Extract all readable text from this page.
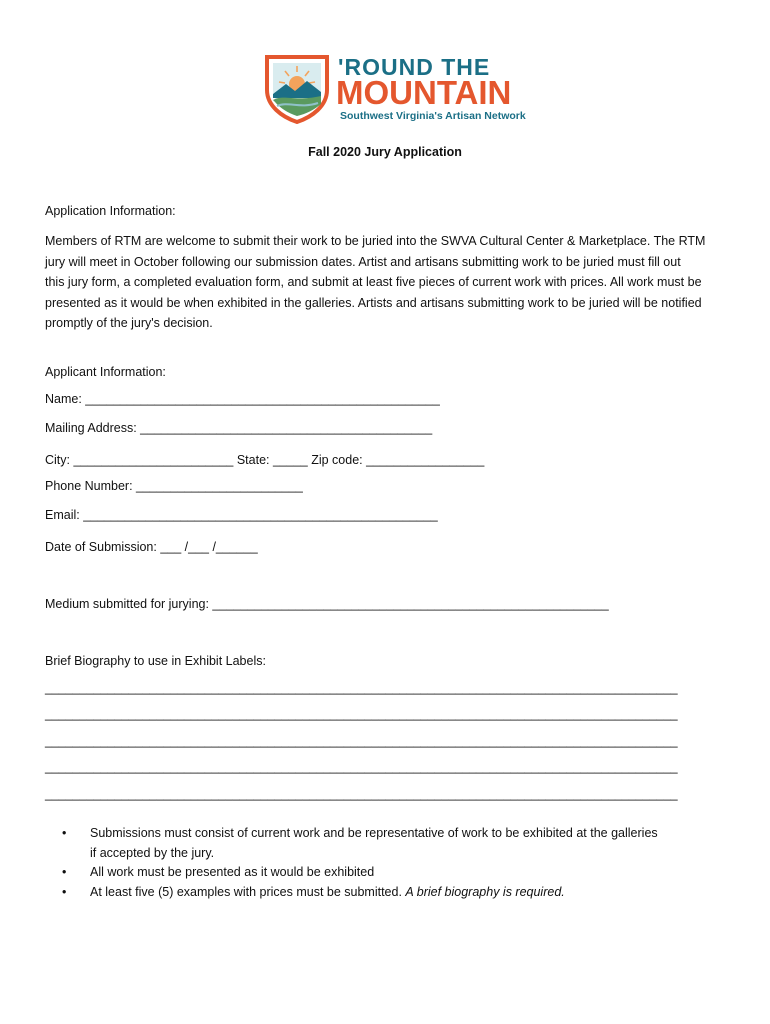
'ROUND THE
MOUNTAIN
Southwest Virginia's Artisan Network
Fall 2020 Jury Application
Application Information:
Members of RTM are welcome to submit their work to be juried into the SWVA Cultural Center & Marketplace. The RTM
jury will meet in October following our submission dates. Artist and artisans submitting work to be juried must fill out
this jury form, a completed evaluation form, and submit at least five pieces of current work with prices. All work must be
presented as it would be when exhibited in the galleries. Artists and artisans submitting work to be juried will be notified
promptly of the jury's decision.
Applicant Information:
Name: ___________________________________________________
Mailing Address: __________________________________________
City: _______________________ State: _____ Zip code: _________________
Phone Number: ________________________
Email: ___________________________________________________
Date of Submission: ___ /___ /______
Medium submitted for jurying: _________________________________________________________
Brief Biography to use in Exhibit Labels:
___________________________________________________________________________________________
___________________________________________________________________________________________
___________________________________________________________________________________________
___________________________________________________________________________________________
___________________________________________________________________________________________
• Submissions must consist of current work and be representative of work to be exhibited at the galleries
if accepted by the jury.
• All work must be presented as it would be exhibited
• At least five (5) examples with prices must be submitted. A brief biography is required.
